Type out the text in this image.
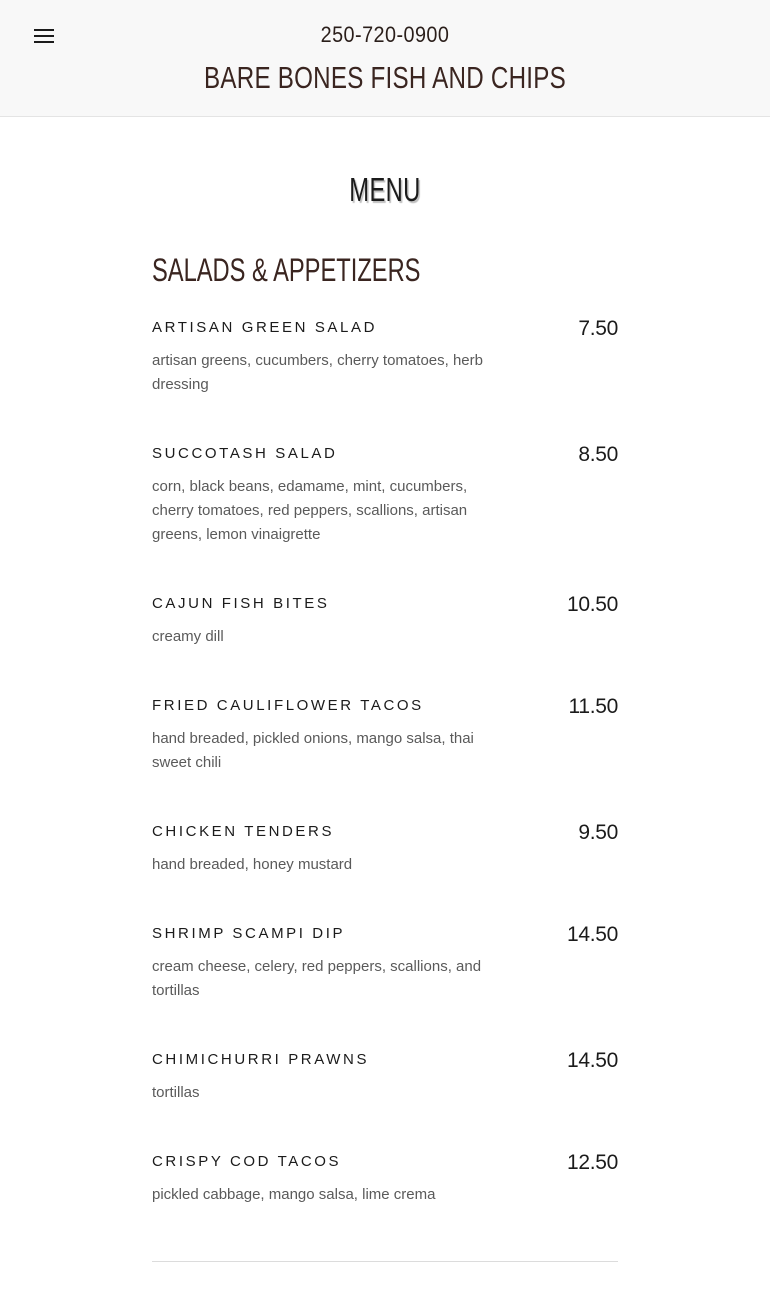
250-720-0900
BARE BONES FISH AND CHIPS
MENU
SALADS & APPETIZERS
ARTISAN GREEN SALAD	7.50
artisan greens, cucumbers, cherry tomatoes, herb dressing
SUCCOTASH SALAD	8.50
corn, black beans, edamame, mint, cucumbers, cherry tomatoes, red peppers, scallions, artisan greens, lemon vinaigrette
CAJUN FISH BITES	10.50
creamy dill
FRIED CAULIFLOWER TACOS	11.50
hand breaded, pickled onions, mango salsa, thai sweet chili
CHICKEN TENDERS	9.50
hand breaded, honey mustard
SHRIMP SCAMPI DIP	14.50
cream cheese, celery, red peppers, scallions, and tortillas
CHIMICHURRI PRAWNS	14.50
tortillas
CRISPY COD TACOS	12.50
pickled cabbage, mango salsa, lime crema
